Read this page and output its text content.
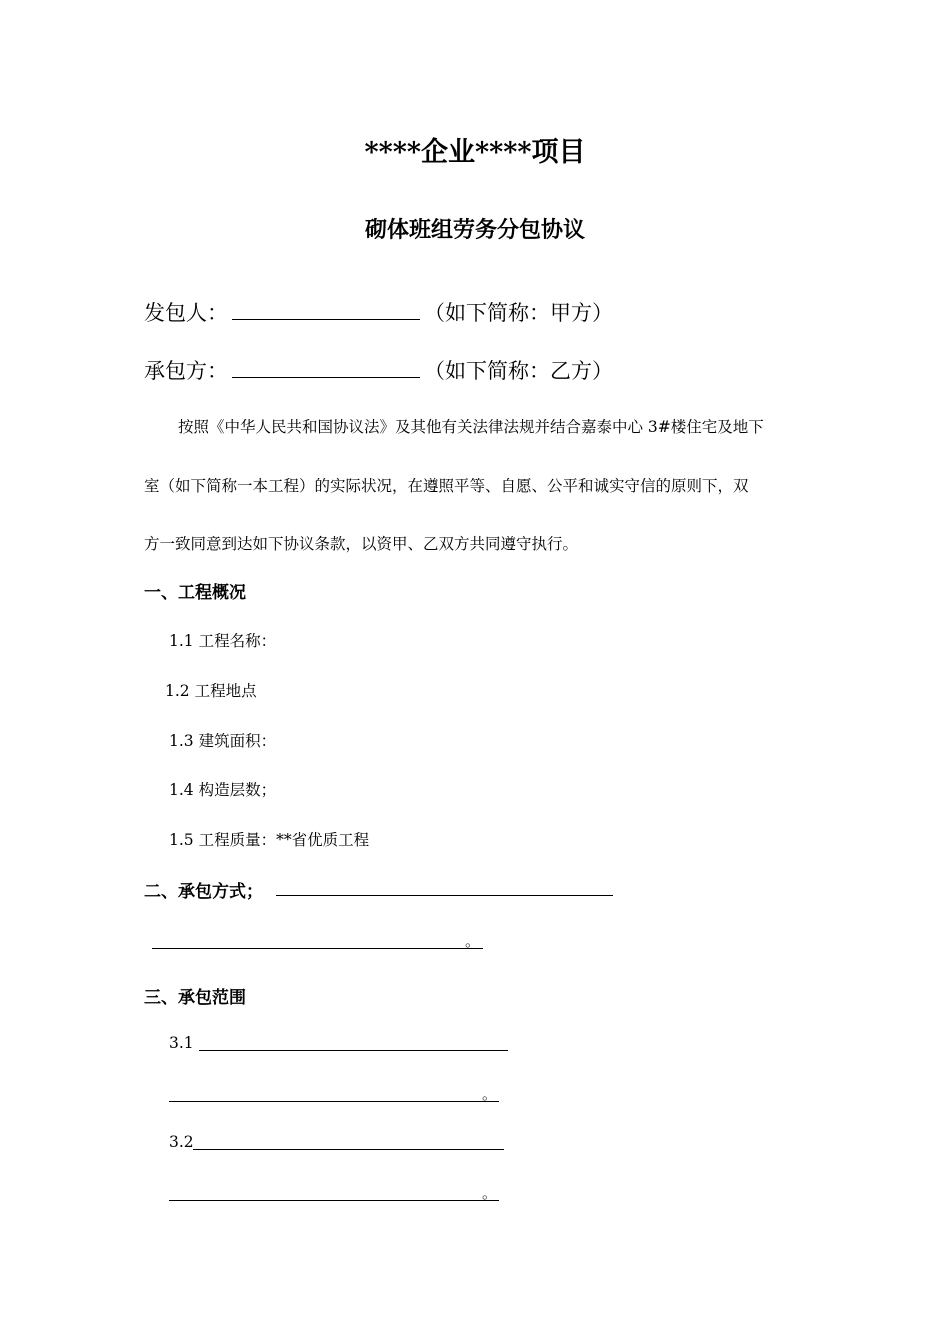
****企业****项目
砌体班组劳务分包协议
发包人：	（如下简称：甲方）
承包方：	（如下简称：乙方）
按照《中华人民共和国协议法》及其他有关法律法规并结合嘉泰中心 3#楼住宅及地下
室（如下简称一本工程）的实际状况，在遵照平等、自愿、公平和诚实守信的原则下，双
方一致同意到达如下协议条款，以资甲、乙双方共同遵守执行。
一、工程概况
1.1 工程名称：
1.2 工程地点
1.3 建筑面积：
1.4 构造层数；
1.5 工程质量：**省优质工程
二、承包方式；
。
三、承包范围
3.1
。
3.2
。
